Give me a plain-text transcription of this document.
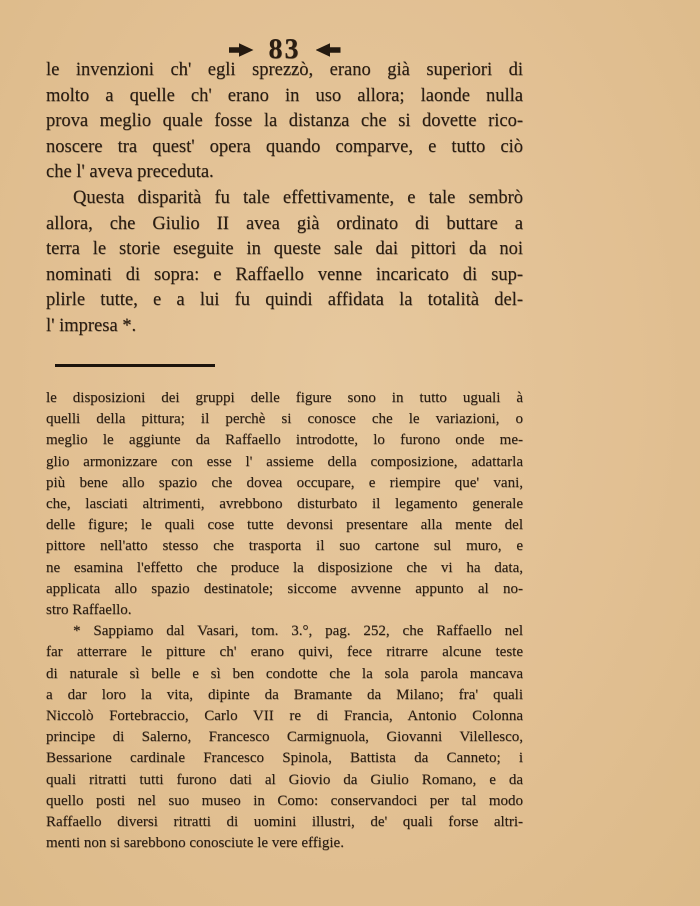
83
le invenzioni ch' egli sprezzò, erano già superiori di
molto a quelle ch' erano in uso allora; laonde nulla
prova meglio quale fosse la distanza che si dovette rico-
noscere tra quest' opera quando comparve, e tutto ciò
che l' aveva preceduta.
Questa disparità fu tale effettivamente, e tale sembrò
allora, che Giulio II avea già ordinato di buttare a
terra le storie eseguite in queste sale dai pittori da noi
nominati di sopra: e Raffaello venne incaricato di sup-
plirle tutte, e a lui fu quindi affidata la totalità del-
l' impresa *.
le disposizioni dei gruppi delle figure sono in tutto uguali à
quelli della pittura; il perchè si conosce che le variazioni, o
meglio le aggiunte da Raffaello introdotte, lo furono onde me-
glio armonizzare con esse l' assieme della composizione, adattarla
più bene allo spazio che dovea occupare, e riempire que' vani,
che, lasciati altrimenti, avrebbono disturbato il legamento generale
delle figure; le quali cose tutte devonsi presentare alla mente del
pittore nell'atto stesso che trasporta il suo cartone sul muro, e
ne esamina l'effetto che produce la disposizione che vi ha data,
applicata allo spazio destinatole; siccome avvenne appunto al no-
stro Raffaello.
* Sappiamo dal Vasari, tom. 3.°, pag. 252, che Raffaello nel
far atterrare le pitture ch' erano quivi, fece ritrarre alcune teste
di naturale sì belle e sì ben condotte che la sola parola mancava
a dar loro la vita, dipinte da Bramante da Milano; fra' quali
Niccolò Fortebraccio, Carlo VII re di Francia, Antonio Colonna
principe di Salerno, Francesco Carmignuola, Giovanni Vilellesco,
Bessarione cardinale Francesco Spinola, Battista da Canneto; i
quali ritratti tutti furono dati al Giovio da Giulio Romano, e da
quello posti nel suo museo in Como: conservandoci per tal modo
Raffaello diversi ritratti di uomini illustri, de' quali forse altri-
menti non si sarebbono conosciute le vere effigie.
